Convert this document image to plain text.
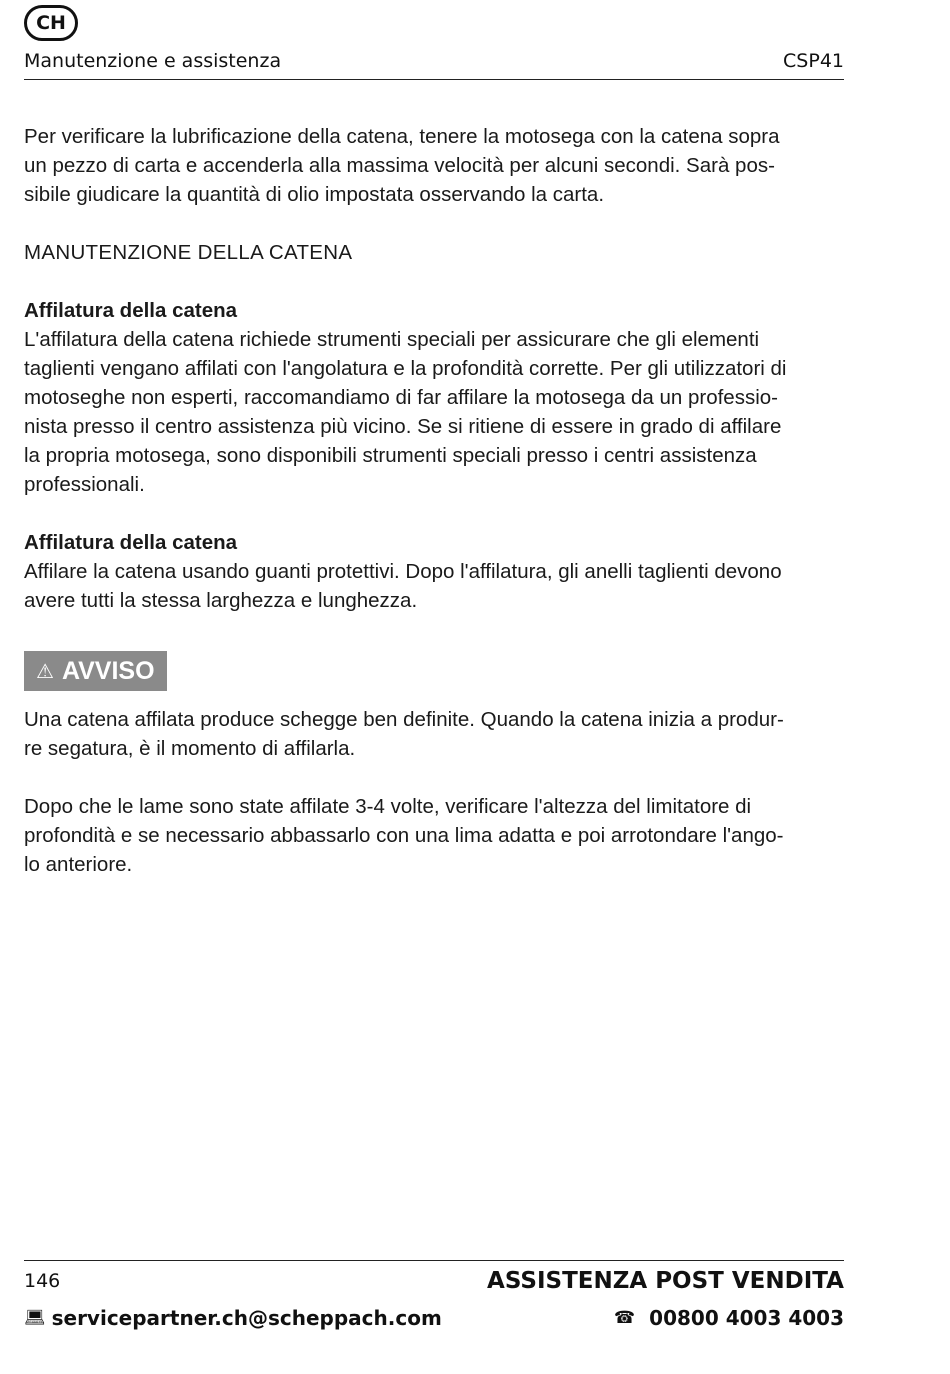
CH
Manutenzione e assistenza	CSP41

Per verificare la lubrificazione della catena, tenere la motosega con la catena sopra

un pezzo di carta e accenderla alla massima velocità per alcuni secondi. Sarà pos-

sibile giudicare la quantità di olio impostata osservando la carta.

MANUTENZIONE DELLA CATENA
Affilatura della catena

L'affilatura della catena richiede strumenti speciali per assicurare che gli elementi

taglienti vengano affilati con l'angolatura e la profondità corrette. Per gli utilizzatori di

motoseghe non esperti, raccomandiamo di far affilare la motosega da un professio-

nista presso il centro assistenza più vicino. Se si ritiene di essere in grado di affilare

la propria motosega, sono disponibili strumenti speciali presso i centri assistenza

professionali.

Affilatura della catena

Affilare la catena usando guanti protettivi. Dopo l'affilatura, gli anelli taglienti devono

avere tutti la stessa larghezza e lunghezza.

⚠ AVVISO

Una catena affilata produce schegge ben definite. Quando la catena inizia a produr-

re segatura, è il momento di affilarla.

Dopo che le lame sono state affilate 3-4 volte, verificare l'altezza del limitatore di

profondità e se necessario abbassarlo con una lima adatta e poi arrotondare l'ango-

lo anteriore.

146	ASSISTENZA POST VENDITA
💻︎ servicepartner.ch@scheppach.com	☎ 00800 4003 4003
